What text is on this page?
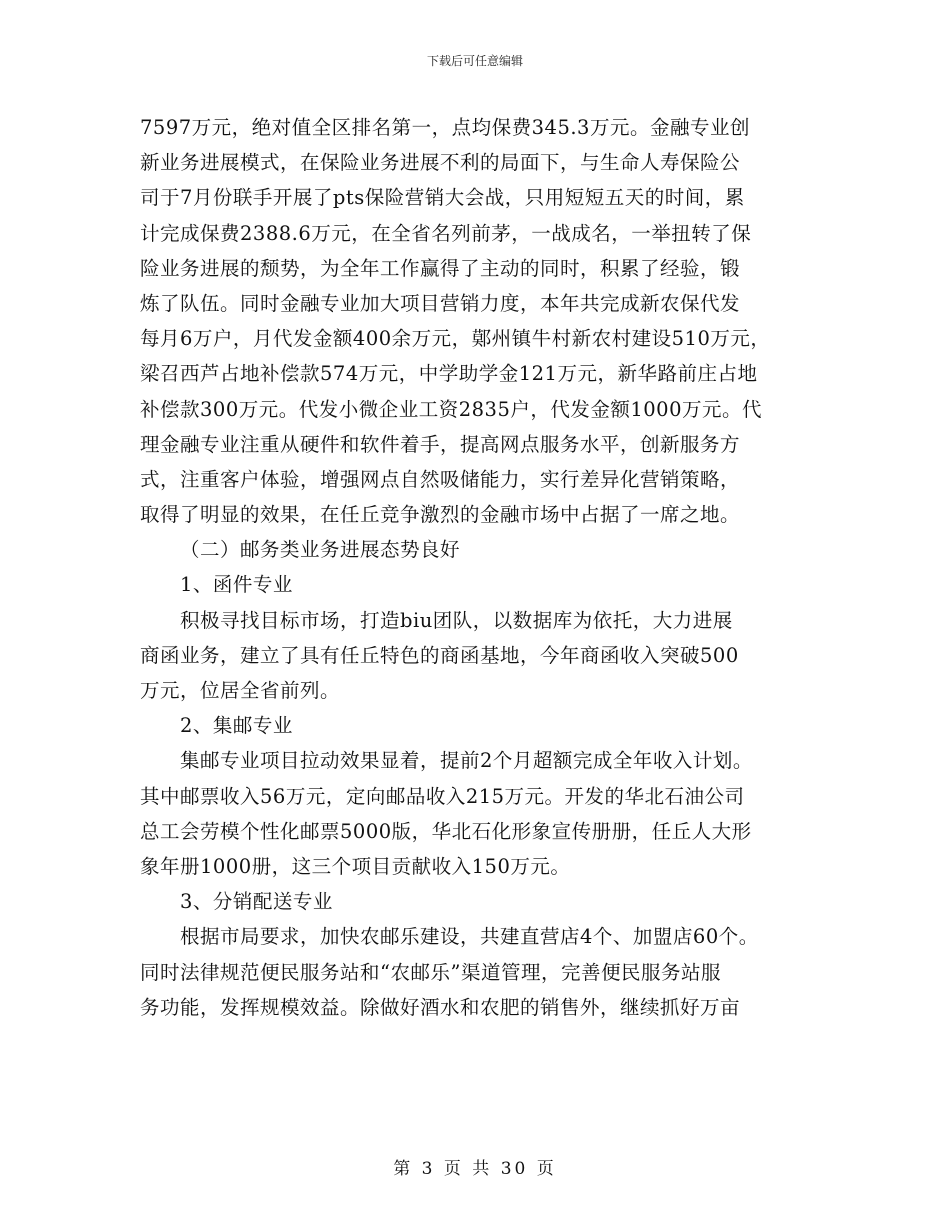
下载后可任意编辑
7597万元，绝对值全区排名第一，点均保费345.3万元。金融专业创
新业务进展模式，在保险业务进展不利的局面下，与生命人寿保险公
司于7月份联手开展了pts保险营销大会战，只用短短五天的时间，累
计完成保费2388.6万元，在全省名列前茅，一战成名，一举扭转了保
险业务进展的颓势，为全年工作赢得了主动的同时，积累了经验，锻
炼了队伍。同时金融专业加大项目营销力度，本年共完成新农保代发
每月6万户，月代发金额400余万元，鄚州镇牛村新农村建设510万元，
梁召西芦占地补偿款574万元，中学助学金121万元，新华路前庄占地
补偿款300万元。代发小微企业工资2835户，代发金额1000万元。代
理金融专业注重从硬件和软件着手，提高网点服务水平，创新服务方
式，注重客户体验，增强网点自然吸储能力，实行差异化营销策略，
取得了明显的效果，在任丘竞争激烈的金融市场中占据了一席之地。
（二）邮务类业务进展态势良好
1、函件专业
积极寻找目标市场，打造biu团队，以数据库为依托，大力进展
商函业务，建立了具有任丘特色的商函基地，今年商函收入突破500
万元，位居全省前列。
2、集邮专业
集邮专业项目拉动效果显着，提前2个月超额完成全年收入计划。
其中邮票收入56万元，定向邮品收入215万元。开发的华北石油公司
总工会劳模个性化邮票5000版，华北石化形象宣传册册，任丘人大形
象年册1000册，这三个项目贡献收入150万元。
3、分销配送专业
根据市局要求，加快农邮乐建设，共建直营店4个、加盟店60个。
同时法律规范便民服务站和“农邮乐”渠道管理，完善便民服务站服
务功能，发挥规模效益。除做好酒水和农肥的销售外，继续抓好万亩
第 3 页 共 30 页
